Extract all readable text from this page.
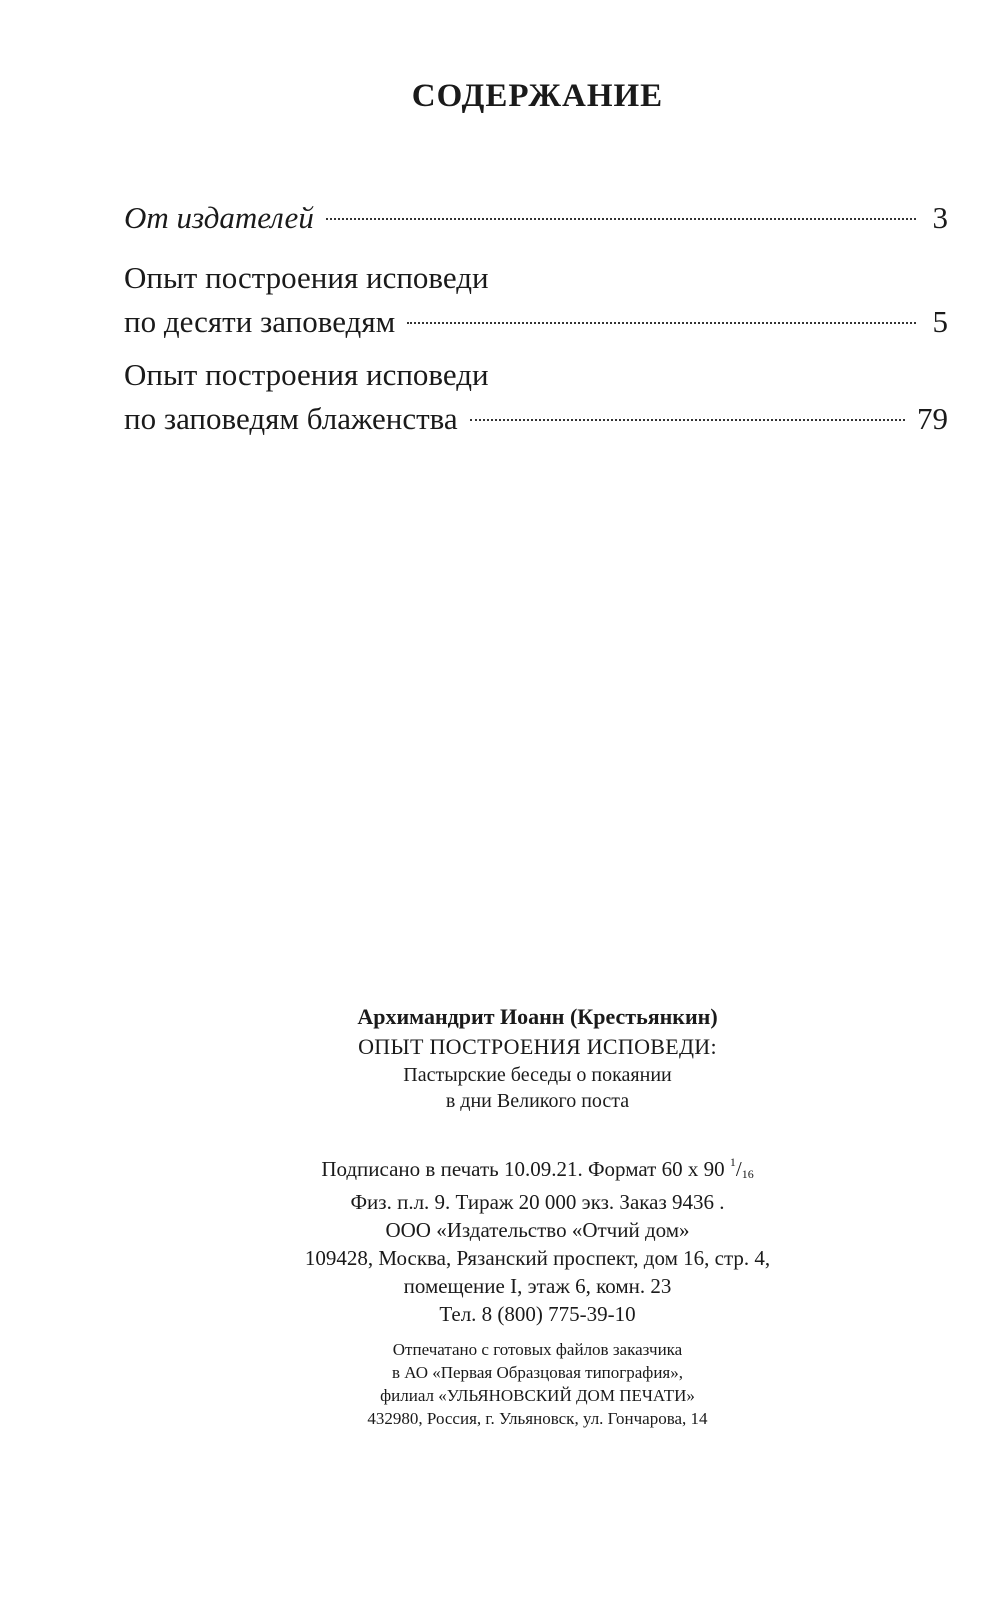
СОДЕРЖАНИЕ
От издателей	3
Опыт построения исповеди
по десяти заповедям	5
Опыт построения исповеди
по заповедям блаженства	79
Архимандрит Иоанн (Крестьянкин)
ОПЫТ ПОСТРОЕНИЯ ИСПОВЕДИ:
Пастырские беседы о покаянии
в дни Великого поста
Подписано в печать 10.09.21. Формат 60 x 90 $^1/_{16}$
Физ. п.л. 9. Тираж 20 000 экз. Заказ 9436 .
ООО «Издательство «Отчий дом»
109428, Москва, Рязанский проспект, дом 16, стр. 4,
помещение I, этаж 6, комн. 23
Тел. 8 (800) 775-39-10
Отпечатано с готовых файлов заказчика
в АО «Первая Образцовая типография»,
филиал «УЛЬЯНОВСКИЙ ДОМ ПЕЧАТИ»
432980, Россия, г. Ульяновск, ул. Гончарова, 14
